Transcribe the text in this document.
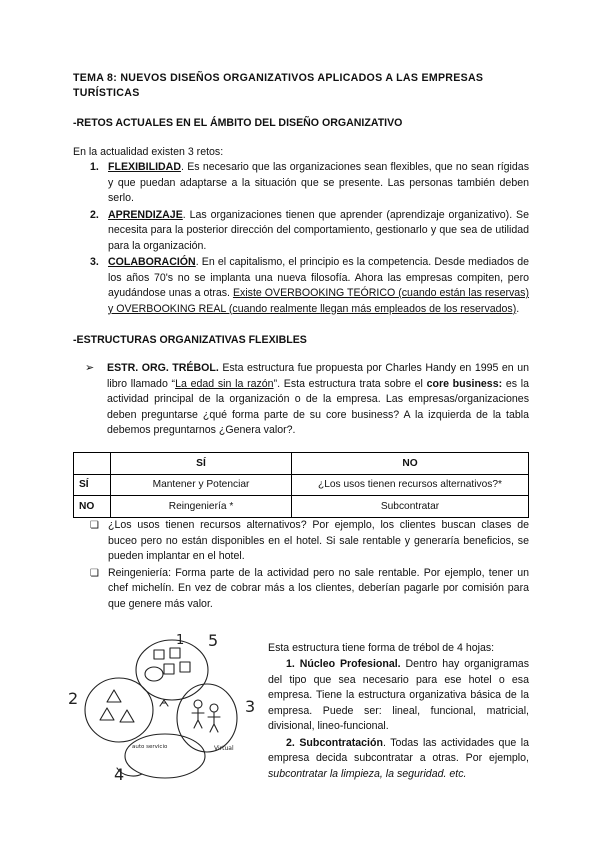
TEMA 8: NUEVOS DISEÑOS ORGANIZATIVOS APLICADOS A LAS EMPRESAS TURÍSTICAS
-RETOS ACTUALES EN EL ÁMBITO DEL DISEÑO ORGANIZATIVO
En la actualidad existen 3 retos:
1. FLEXIBILIDAD. Es necesario que las organizaciones sean flexibles, que no sean rígidas y que puedan adaptarse a la situación que se presente. Las personas también deben serlo.
2. APRENDIZAJE. Las organizaciones tienen que aprender (aprendizaje organizativo). Se necesita para la posterior dirección del comportamiento, gestionarlo y que sea de utilidad para la organización.
3. COLABORACIÓN. En el capitalismo, el principio es la competencia. Desde mediados de los años 70's no se implanta una nueva filosofía. Ahora las empresas compiten, pero ayudándose unas a otras. Existe OVERBOOKING TEÓRICO (cuando están las reservas) y OVERBOOKING REAL (cuando realmente llegan más empleados de los reservados).
-ESTRUCTURAS ORGANIZATIVAS FLEXIBLES
➢ ESTR. ORG. TRÉBOL. Esta estructura fue propuesta por Charles Handy en 1995 en un libro llamado “La edad sin la razón”. Esta estructura trata sobre el core business: es la actividad principal de la organización o de la empresa. Las empresas/organizaciones deben preguntarse ¿qué forma parte de su core business? A la izquierda de la tabla debemos preguntarnos ¿Genera valor?.
	SÍ	NO
SÍ	Mantener y Potenciar	¿Los usos tienen recursos alternativos?*
NO	Reingeniería *	Subcontratar
❏ ¿Los usos tienen recursos alternativos? Por ejemplo, los clientes buscan clases de buceo pero no están disponibles en el hotel. Si sale rentable y generaría beneficios, se pueden implantar en el hotel.
❏ Reingeniería: Forma parte de la actividad pero no sale rentable. Por ejemplo, tener un chef michelín. En vez de cobrar más a los clientes, deberían pagarle por comisión para que genere más valor.
1
2	3
4
5
auto servicio	Virtual
Esta estructura tiene forma de trébol de 4 hojas:
1. Núcleo Profesional. Dentro hay organigramas del tipo que sea necesario para ese hotel o esa empresa. Tiene la estructura organizativa básica de la empresa. Puede ser: lineal, funcional, matricial, divisional, lineo-funcional.
2. Subcontratación. Todas las actividades que la empresa decida subcontratar a otras. Por ejemplo, subcontratar la limpieza, la seguridad. etc.
